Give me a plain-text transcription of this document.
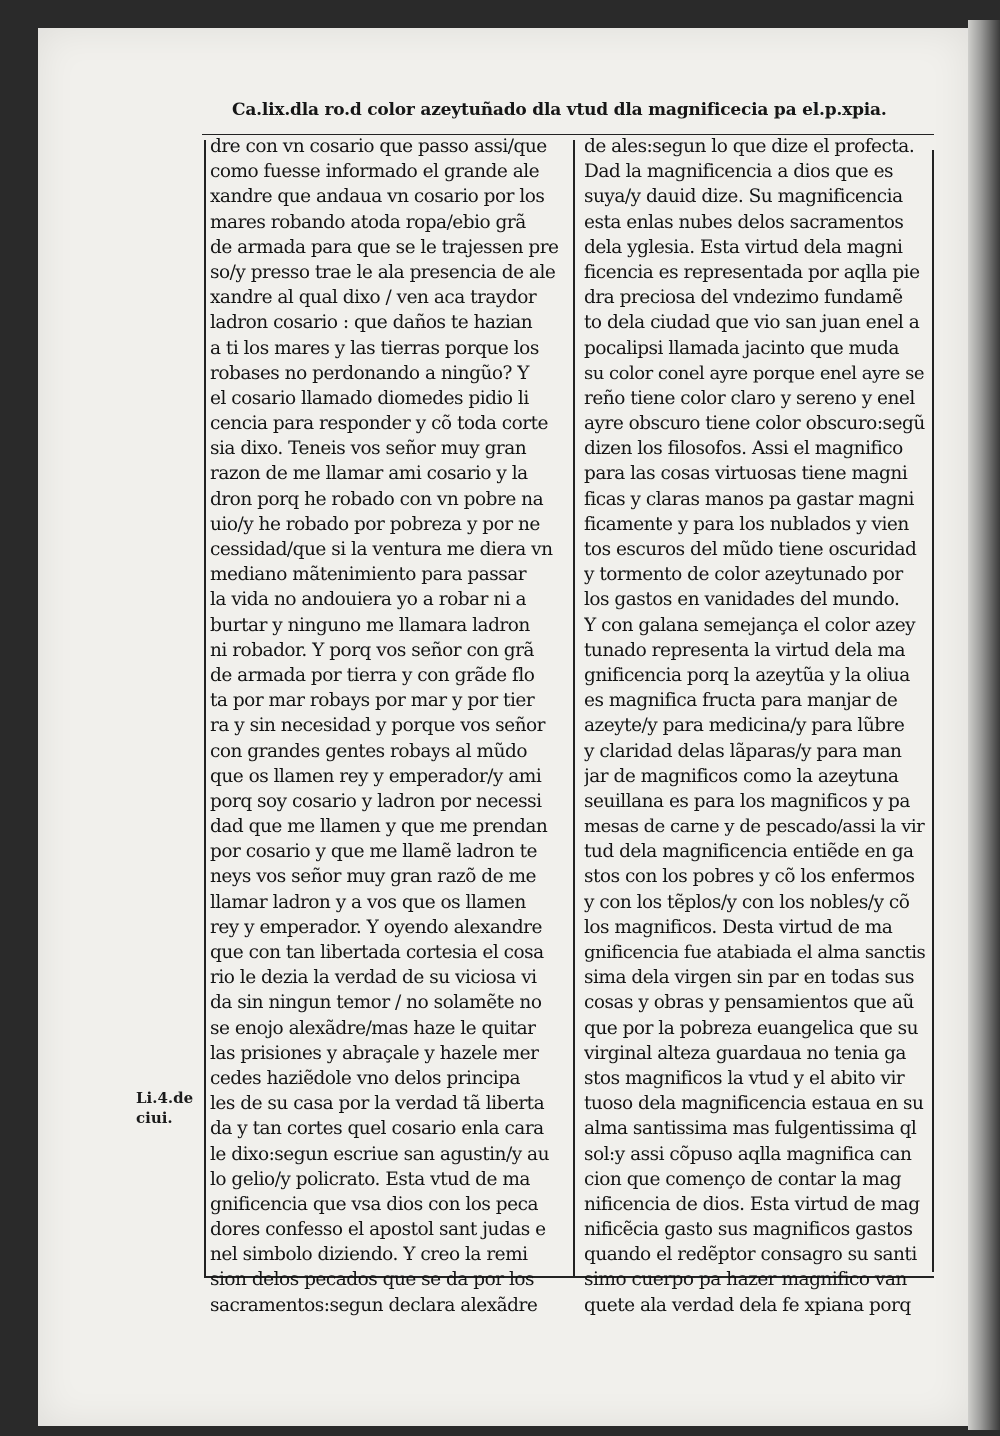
Ca.lix.dla ro.d color azeytuñado dla vtud dla magnificecia pa el.p.xpia.
dre con vn cosario que passo assi/que
como fuesse informado el grande ale
xandre que andaua vn cosario por los
mares robando atoda ropa/ebio grã
de armada para que se le trajessen pre
so/y presso trae le ala presencia de ale
xandre al qual dixo / ven aca traydor
ladron cosario : que daños te hazian
a ti los mares y las tierras porque los
robases no perdonando a ningũo? Y
el cosario llamado diomedes pidio li
cencia para responder y cõ toda corte
sia dixo. Teneis vos señor muy gran
razon de me llamar ami cosario y la
dron porq he robado con vn pobre na
uio/y he robado por pobreza y por ne
cessidad/que si la ventura me diera vn
mediano mãtenimiento para passar
la vida no andouiera yo a robar ni a
burtar y ninguno me llamara ladron
ni robador. Y porq vos señor con grã
de armada por tierra y con grãde flo
ta por mar robays por mar y por tier
ra y sin necesidad y porque vos señor
con grandes gentes robays al mũdo
que os llamen rey y emperador/y ami
porq soy cosario y ladron por necessi
dad que me llamen y que me prendan
por cosario y que me llamẽ ladron te
neys vos señor muy gran razõ de me
llamar ladron y a vos que os llamen
rey y emperador. Y oyendo alexandre
que con tan libertada cortesia el cosa
rio le dezia la verdad de su viciosa vi
da sin ningun temor / no solamẽte no
se enojo alexãdre/mas haze le quitar
las prisiones y abraçale y hazele mer
cedes haziẽdole vno delos principa
les de su casa por la verdad tã liberta
da y tan cortes quel cosario enla cara
le dixo:segun escriue san agustin/y au
lo gelio/y policrato. Esta vtud de ma
gnificencia que vsa dios con los peca
dores confesso el apostol sant judas e
nel simbolo diziendo. Y creo la remi
sion delos pecados que se da por los
sacramentos:segun declara alexãdre
de ales:segun lo que dize el profecta.
Dad la magnificencia a dios que es
suya/y dauid dize. Su magnificencia
esta enlas nubes delos sacramentos
dela yglesia. Esta virtud dela magni
ficencia es representada por aqlla pie
dra preciosa del vndezimo fundamẽ
to dela ciudad que vio san juan enel a
pocalipsi llamada jacinto que muda
su color conel ayre porque enel ayre se
reño tiene color claro y sereno y enel
ayre obscuro tiene color obscuro:segũ
dizen los filosofos. Assi el magnifico
para las cosas virtuosas tiene magni
ficas y claras manos pa gastar magni
ficamente y para los nublados y vien
tos escuros del mũdo tiene oscuridad
y tormento de color azeytunado por
los gastos en vanidades del mundo.
Y con galana semejança el color azey
tunado representa la virtud dela ma
gnificencia porq la azeytũa y la oliua
es magnifica fructa para manjar de
azeyte/y para medicina/y para lũbre
y claridad delas lãparas/y para man
jar de magnificos como la azeytuna
seuillana es para los magnificos y pa
mesas de carne y de pescado/assi la vir
tud dela magnificencia entiẽde en ga
stos con los pobres y cõ los enfermos
y con los tẽplos/y con los nobles/y cõ
los magnificos. Desta virtud de ma
gnificencia fue atabiada el alma sanctis
sima dela virgen sin par en todas sus
cosas y obras y pensamientos que aũ
que por la pobreza euangelica que su
virginal alteza guardaua no tenia ga
stos magnificos la vtud y el abito vir
tuoso dela magnificencia estaua en su
alma santissima mas fulgentissima ql
sol:y assi cõpuso aqlla magnifica can
cion que començo de contar la mag
nificencia de dios. Esta virtud de mag
nificẽcia gasto sus magnificos gastos
quando el redẽptor consagro su santi
simo cuerpo pa hazer magnifico van
quete ala verdad dela fe xpiana porq
Li.4.de
ciui.
